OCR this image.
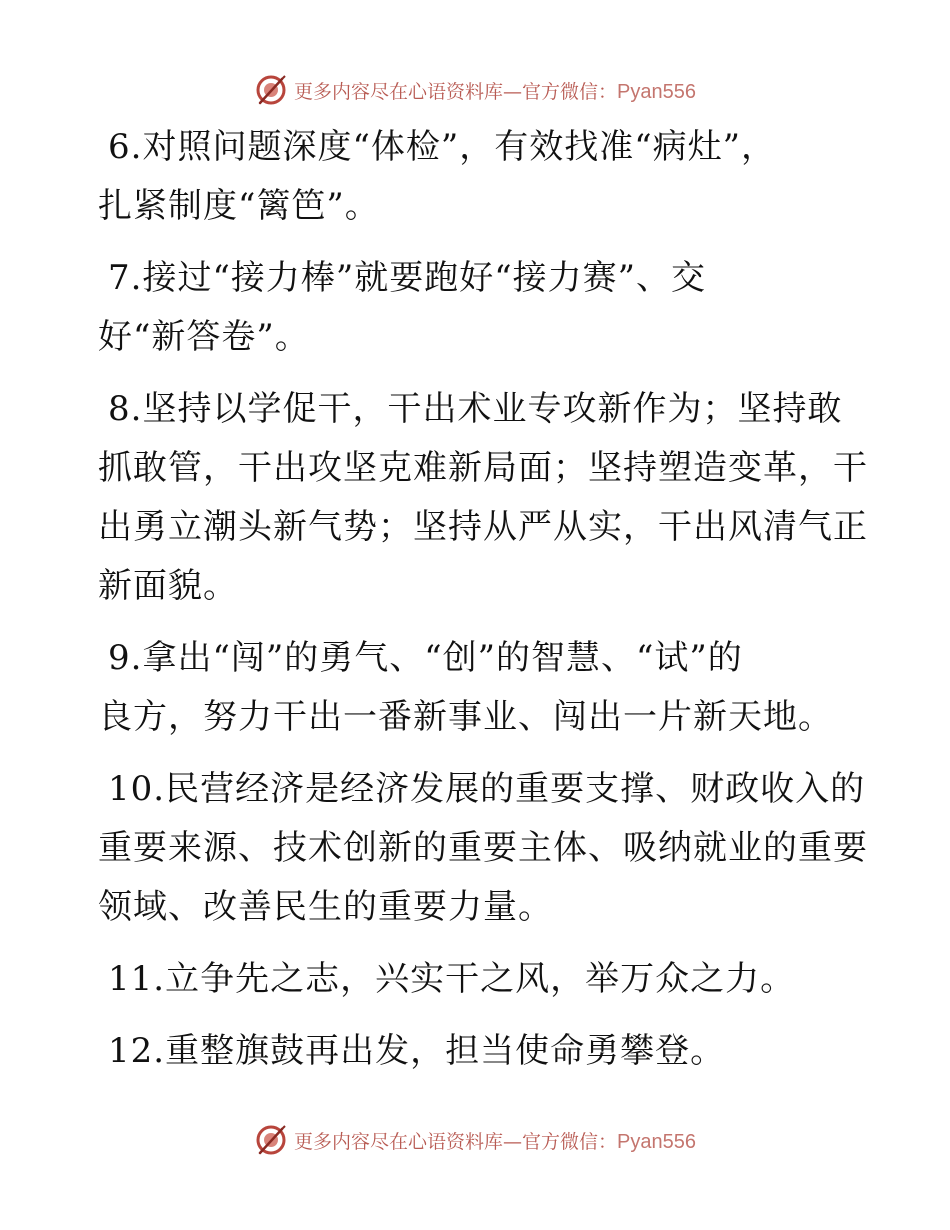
更多内容尽在心语资料库—官方微信：Pyan556
6.对照问题深度“体检”，有效找准“病灶”，
扎紧制度“篱笆”。
7.接过“接力棒”就要跑好“接力赛”、交
好“新答卷”。
8.坚持以学促干，干出术业专攻新作为；坚持敢
抓敢管，干出攻坚克难新局面；坚持塑造变革，干
出勇立潮头新气势；坚持从严从实，干出风清气正
新面貌。
9.拿出“闯”的勇气、“创”的智慧、“试”的
良方，努力干出一番新事业、闯出一片新天地。
10.民营经济是经济发展的重要支撑、财政收入的
重要来源、技术创新的重要主体、吸纳就业的重要
领域、改善民生的重要力量。
11.立争先之志，兴实干之风，举万众之力。
12.重整旗鼓再出发，担当使命勇攀登。
更多内容尽在心语资料库—官方微信：Pyan556
